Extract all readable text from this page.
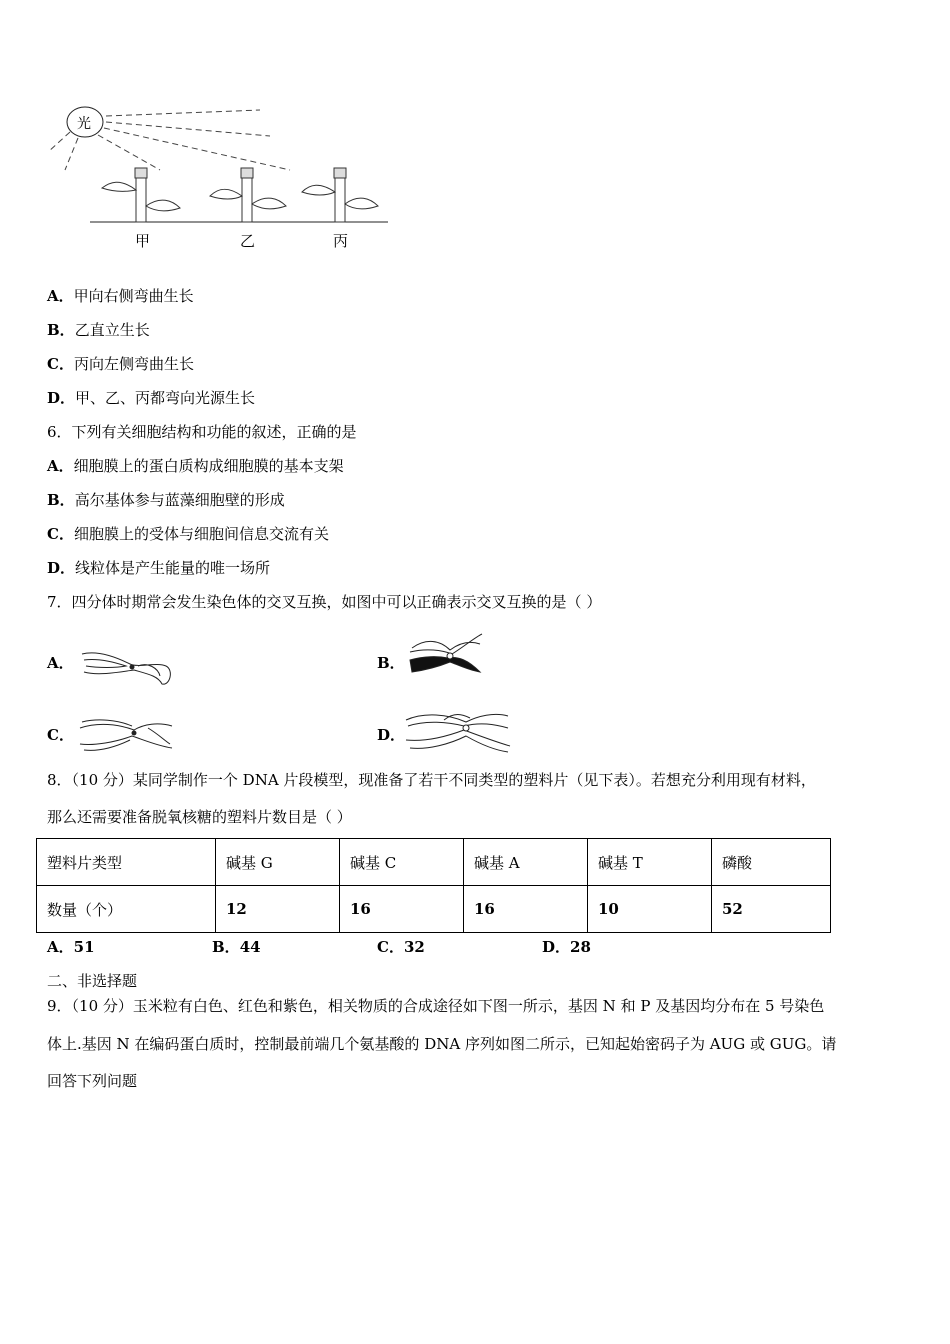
光
甲	乙	丙
A．甲向右侧弯曲生长
B．乙直立生长
C．丙向左侧弯曲生长
D．甲、乙、丙都弯向光源生长
6．下列有关细胞结构和功能的叙述，正确的是
A．细胞膜上的蛋白质构成细胞膜的基本支架
B．高尔基体参与蓝藻细胞壁的形成
C．细胞膜上的受体与细胞间信息交流有关
D．线粒体是产生能量的唯一场所
7．四分体时期常会发生染色体的交叉互换，如图中可以正确表示交叉互换的是（ ）
A．	B．
C．	D．
8．（10 分）某同学制作一个 DNA 片段模型，现准备了若干不同类型的塑料片（见下表）。若想充分利用现有材料，
那么还需要准备脱氧核糖的塑料片数目是（ ）
塑料片类型	碱基 G	碱基 C	碱基 A	碱基 T	磷酸
数量（个）	12	16	16	10	52
A．51	B．44	C．32	D．28
二、非选择题
9．（10 分）玉米粒有白色、红色和紫色，相关物质的合成途径如下图一所示，基因 N 和 P 及基因均分布在 5 号染色
体上.基因 N 在编码蛋白质时，控制最前端几个氨基酸的 DNA 序列如图二所示，已知起始密码子为 AUG 或 GUG。请
回答下列问题
